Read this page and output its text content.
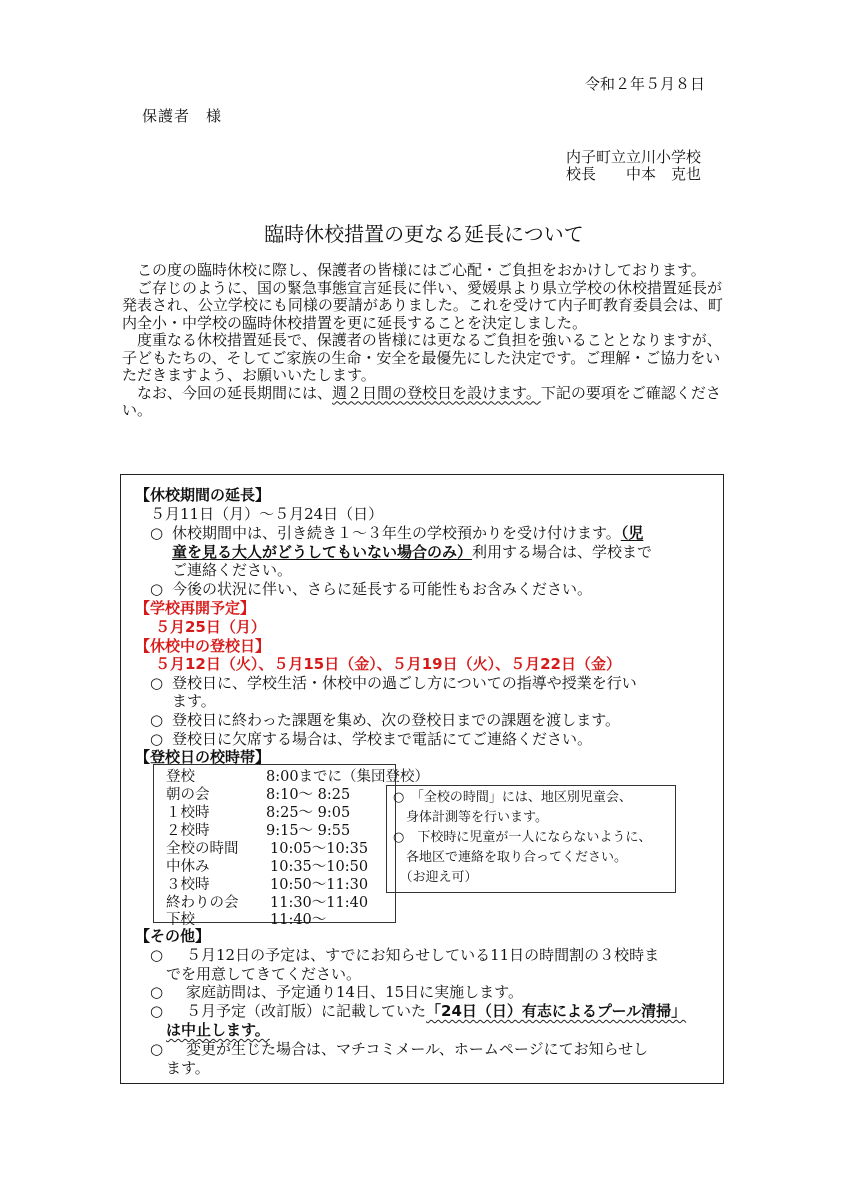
令和２年５月８日
保護者　様
内子町立立川小学校
校長　　中本　克也
臨時休校措置の更なる延長について

この度の臨時休校に際し、保護者の皆様にはご心配・ご負担をおかけしております。

ご存じのように、国の緊急事態宣言延長に伴い、愛媛県より県立学校の休校措置延長が発表され、公立学校にも同様の要請がありました。これを受けて内子町教育委員会は、町内全小・中学校の臨時休校措置を更に延長することを決定しました。

度重なる休校措置延長で、保護者の皆様には更なるご負担を強いることとなりますが、子どもたちの、そしてご家族の生命・安全を最優先にした決定です。ご理解・ご協力をいただきますよう、お願いいたします。

なお、今回の延長期間には、週２日間の登校日を設けます。下記の要項をご確認ください。

【休校期間の延長】
５月11日（月）～５月24日（日）
○ 休校期間中は、引き続き１～３年生の学校預かりを受け付けます。（児
童を見る大人がどうしてもいない場合のみ）利用する場合は、学校まで
ご連絡ください。
○ 今後の状況に伴い、さらに延長する可能性もお含みください。
【学校再開予定】
５月25日（月）
【休校中の登校日】
５月12日（火）、５月15日（金）、５月19日（火）、５月22日（金）
○ 登校日に、学校生活・休校中の過ごし方についての指導や授業を行い
ます。
○ 登校日に終わった課題を集め、次の登校日までの課題を渡します。
○ 登校日に欠席する場合は、学校まで電話にてご連絡ください。
【登校日の校時帯】
登校	8:00までに（集団登校）
朝の会	8:10～ 8:25
１校時	8:25～ 9:05
２校時	9:15～ 9:55
全校の時間 10:05～10:35
中休み	10:35～10:50
３校時	10:50～11:30
終わりの会 11:30～11:40
下校	11:40～
○　「全校の時間」には、地区別児童会、
　身体計測等を行います。
○　下校時に児童が一人にならないように、
　各地区で連絡を取り合ってください。
　（お迎え可）
【その他】
○ ５月12日の予定は、すでにお知らせしている11日の時間割の３校時ま
でを用意してきてください。
○ 家庭訪問は、予定通り14日、15日に実施します。
○ ５月予定（改訂版）に記載していた「24日（日）有志によるプール清掃」
は中止します。
○ 変更が生じた場合は、マチコミメール、ホームページにてお知らせし
ます。
